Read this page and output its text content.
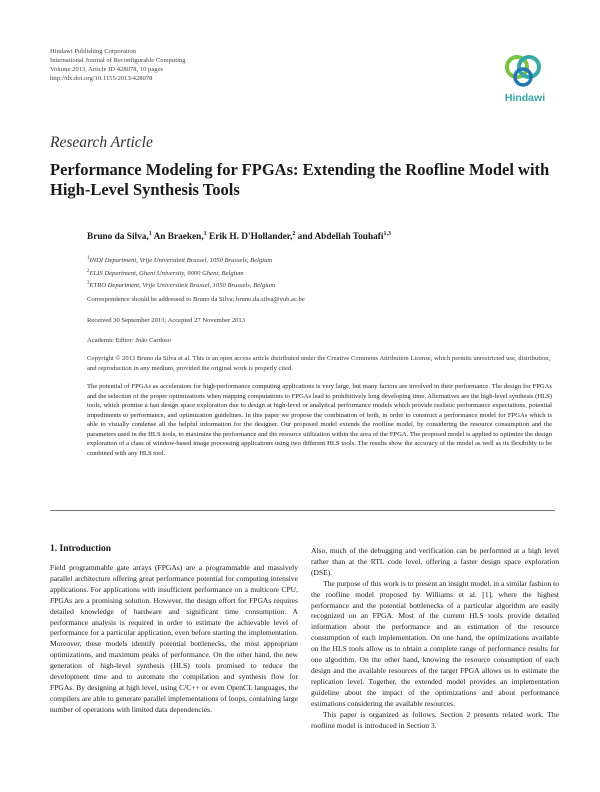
Hindawi Publishing Corporation
International Journal of Reconfigurable Computing
Volume 2013, Article ID 428078, 10 pages
http://dx.doi.org/10.1155/2013/428078
Hindawi
Research Article
Performance Modeling for FPGAs: Extending the Roofline Model with High-Level Synthesis Tools
Bruno da Silva,$^1$ An Braeken,$^1$ Erik H. D'Hollander,$^2$ and Abdellah Touhafi$^{1,3}$
$^1$INDI Department, Vrije Universiteit Brussel, 1050 Brussels, Belgium
$^2$ELIS Department, Ghent University, 9000 Ghent, Belgium
$^3$ETRO Department, Vrije Universiteit Brussel, 1050 Brussels, Belgium
Correspondence should be addressed to Bruno da Silva; bruno.da.silva@vub.ac.be
Received 30 September 2013; Accepted 27 November 2013
Academic Editor: João Cardoso
Copyright © 2013 Bruno da Silva et al. This is an open access article distributed under the Creative Commons Attribution License, which permits unrestricted use, distribution, and reproduction in any medium, provided the original work is properly cited.
The potential of FPGAs as accelerators for high-performance computing applications is very large, but many factors are involved in their performance. The design for FPGAs and the selection of the proper optimizations when mapping computations to FPGAs lead to prohibitively long developing time. Alternatives are the high-level synthesis (HLS) tools, which promise a fast design space exploration due to design at high-level or analytical performance models which provide realistic performance expectations, potential impediments to performance, and optimization guidelines. In this paper we propose the combination of both, in order to construct a performance model for FPGAs which is able to visually condense all the helpful information for the designer. Our proposed model extends the roofline model, by considering the resource consumption and the parameters used in the HLS tools, to maximize the performance and the resource utilization within the area of the FPGA. The proposed model is applied to optimize the design exploration of a class of window-based image processing applications using two different HLS tools. The results show the accuracy of the model as well as its flexibility to be combined with any HLS tool.
1. Introduction

Field programmable gate arrays (FPGAs) are a programmable and massively parallel architecture offering great performance potential for computing intensive applications. For applications with insufficient performance on a multicore CPU, FPGAs are a promising solution. However, the design effort for FPGAs requires detailed knowledge of hardware and significant time consumption. A performance analysis is required in order to estimate the achievable level of performance for a particular application, even before starting the implementation. Moreover, these models identify potential bottlenecks, the most appropriate optimizations, and maximum peaks of performance. On the other hand, the new generation of high-level synthesis (HLS) tools promised to reduce the development time and to automate the compilation and synthesis flow for FPGAs. By designing at high level, using C/C++ or even OpenCL languages, the compilers are able to generate parallel implementations of loops, containing large number of operations with limited data dependencies.

Also, much of the debugging and verification can be performed at a high level rather than at the RTL code level, offering a faster design space exploration (DSE).

The purpose of this work is to present an insight model, in a similar fashion to the roofline model proposed by Williams et al. [1], where the highest performance and the potential bottlenecks of a particular algorithm are easily recognized on an FPGA. Most of the current HLS tools provide detailed information about the performance and an estimation of the resource consumption of each implementation. On one hand, the optimizations available on the HLS tools allow us to obtain a complete range of performance results for one algorithm. On the other hand, knowing the resource consumption of each design and the available resources of the target FPGA allows us to estimate the replication level. Together, the extended model provides an implementation guideline about the impact of the optimizations and about performance estimations considering the available resources.

This paper is organized as follows. Section 2 presents related work. The roofline model is introduced in Section 3.
